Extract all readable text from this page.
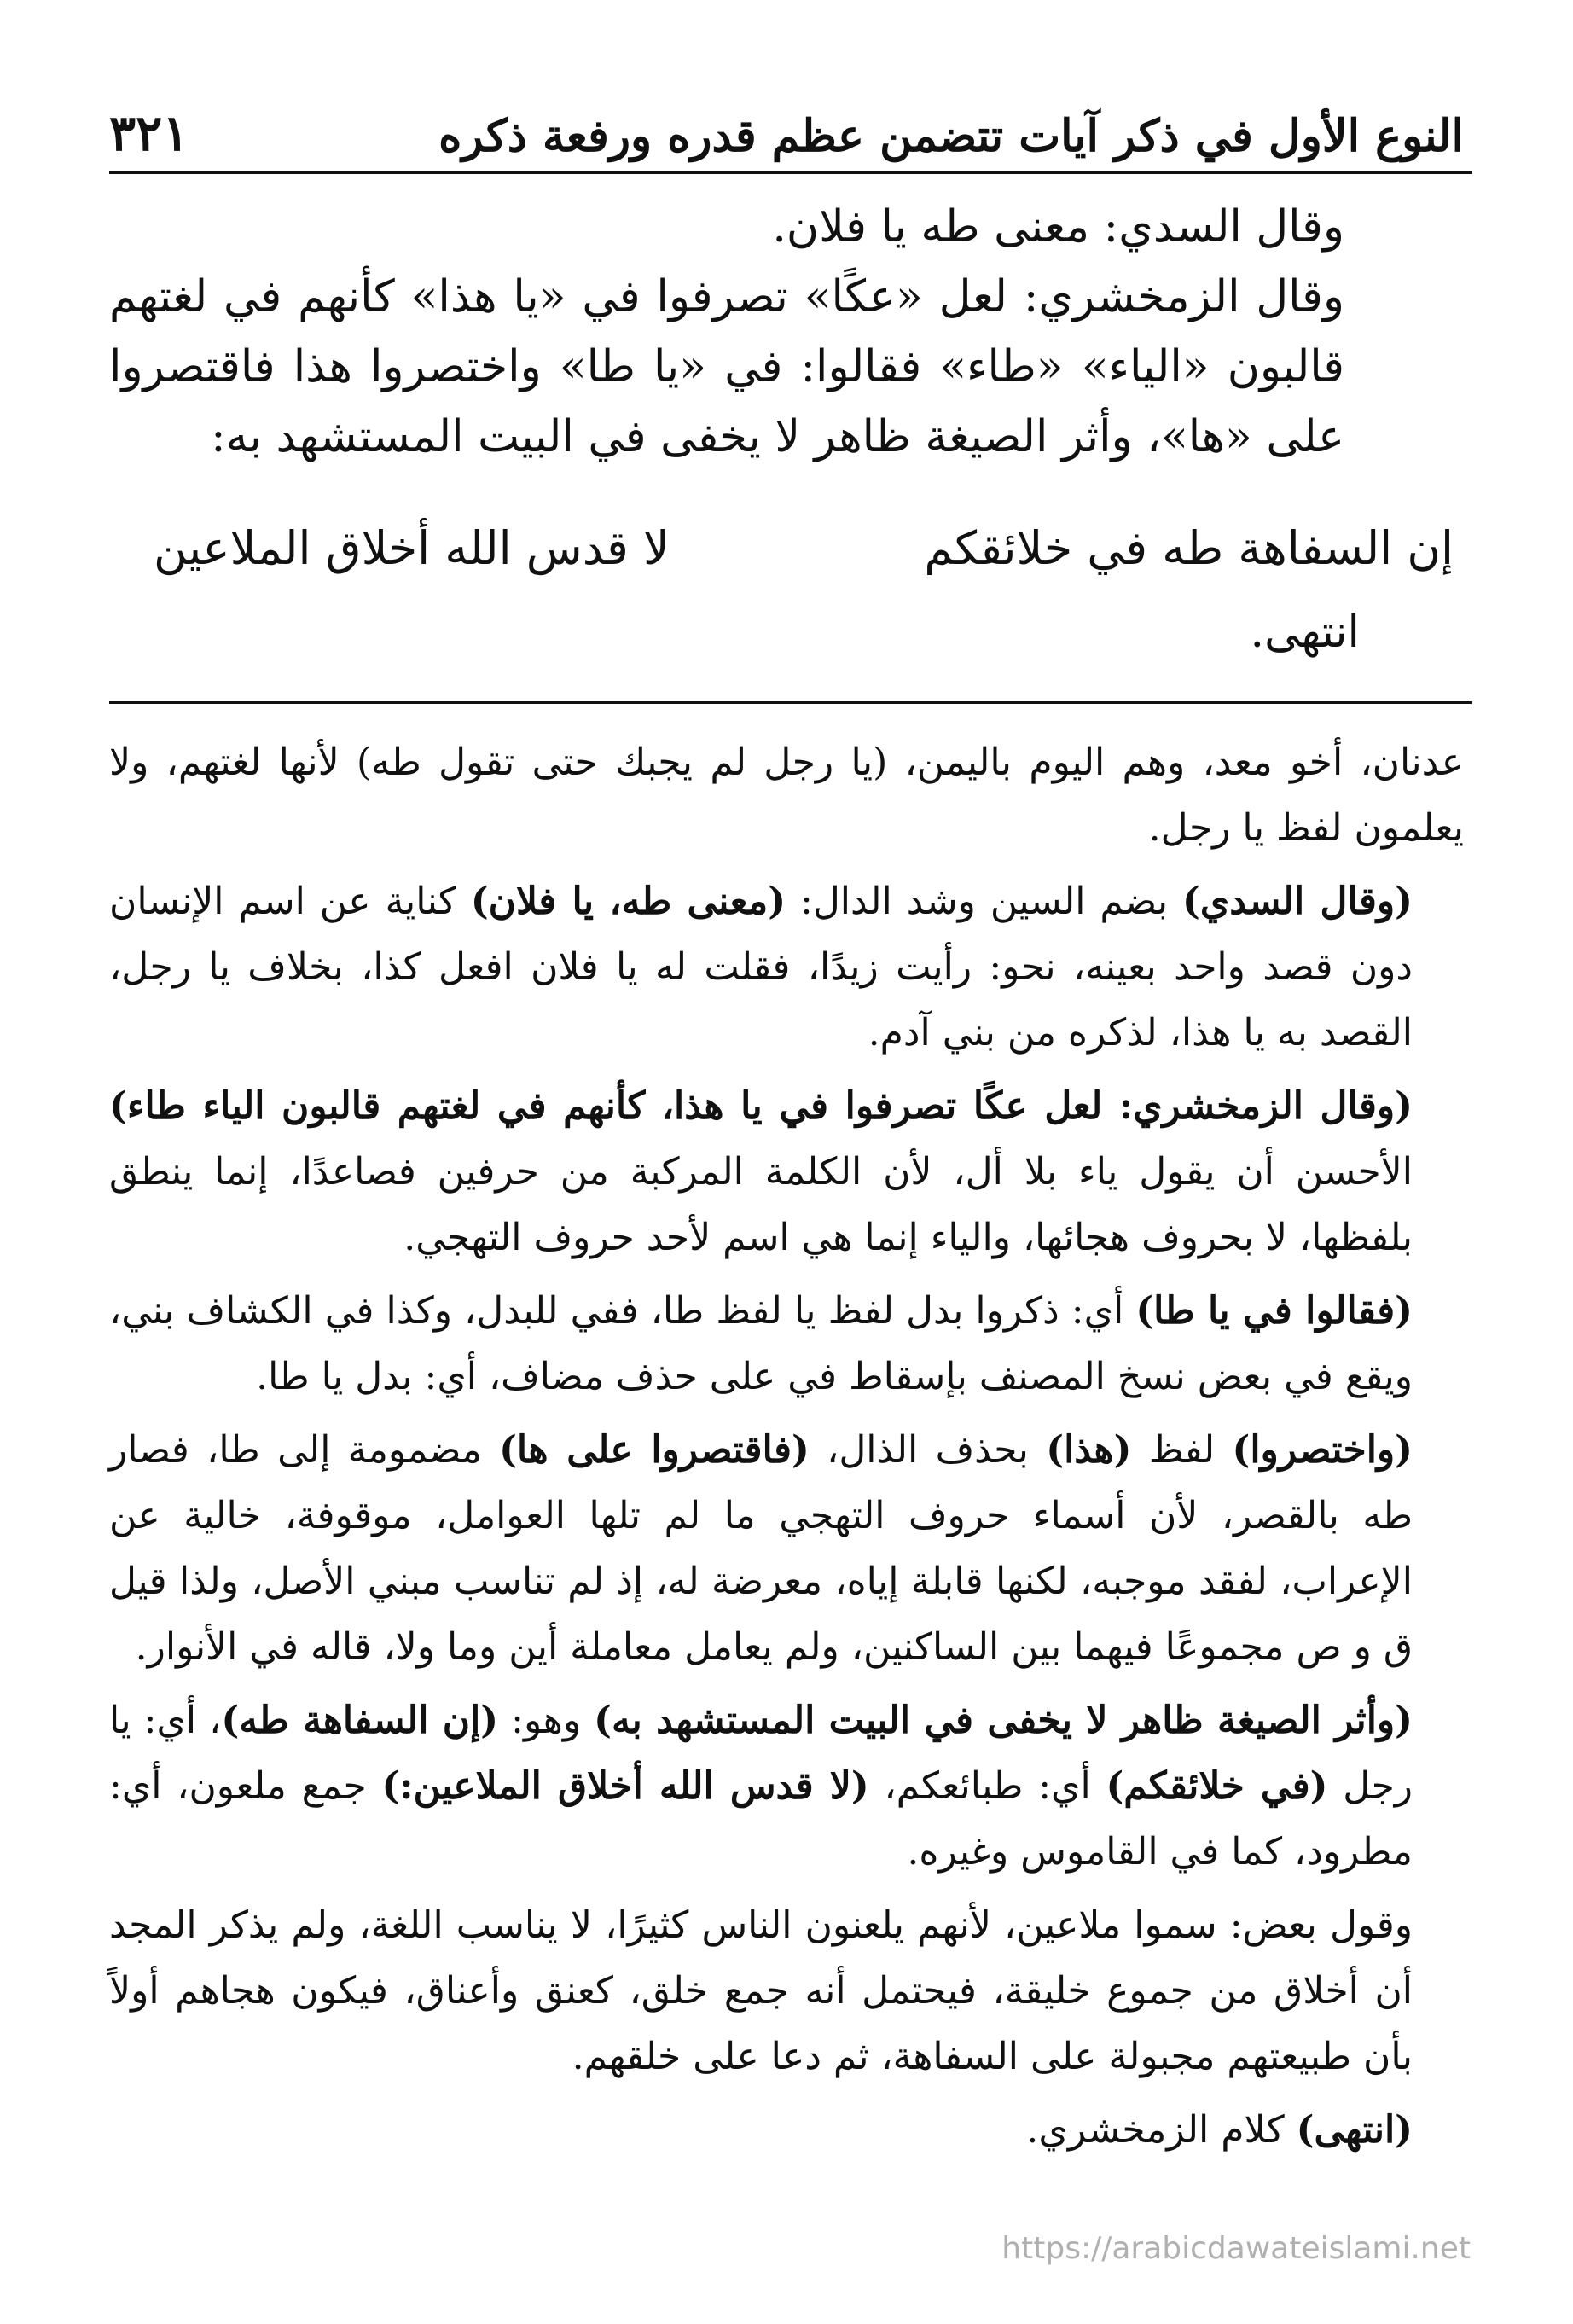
النوع الأول في ذكر آيات تتضمن عظم قدره ورفعة ذكره
٣٢١

وقال السدي: معنى طه يا فلان.

وقال الزمخشري: لعل «عكًا» تصرفوا في «يا هذا» كأنهم في لغتهم قالبون «الياء» «طاء» فقالوا: في «يا طا» واختصروا هذا فاقتصروا على «ها»، وأثر الصيغة ظاهر لا يخفى في البيت المستشهد به:

إن السفاهة طه في خلائقكم
لا قدس الله أخلاق الملاعين
انتهى.

عدنان، أخو معد، وهم اليوم باليمن، (يا رجل لم يجبك حتى تقول طه) لأنها لغتهم، ولا يعلمون لفظ يا رجل.

(وقال السدي) بضم السين وشد الدال: (معنى طه، يا فلان) كناية عن اسم الإنسان دون قصد واحد بعينه، نحو: رأيت زيدًا، فقلت له يا فلان افعل كذا، بخلاف يا رجل، القصد به يا هذا، لذكره من بني آدم.

(وقال الزمخشري: لعل عكًا تصرفوا في يا هذا، كأنهم في لغتهم قالبون الياء طاء) الأحسن أن يقول ياء بلا أل، لأن الكلمة المركبة من حرفين فصاعدًا، إنما ينطق بلفظها، لا بحروف هجائها، والياء إنما هي اسم لأحد حروف التهجي.

(فقالوا في يا طا) أي: ذكروا بدل لفظ يا لفظ طا، ففي للبدل، وكذا في الكشاف بني، ويقع في بعض نسخ المصنف بإسقاط في على حذف مضاف، أي: بدل يا طا.

(واختصروا) لفظ (هذا) بحذف الذال، (فاقتصروا على ها) مضمومة إلى طا، فصار طه بالقصر، لأن أسماء حروف التهجي ما لم تلها العوامل، موقوفة، خالية عن الإعراب، لفقد موجبه، لكنها قابلة إياه، معرضة له، إذ لم تناسب مبني الأصل، ولذا قيل ق و ص مجموعًا فيهما بين الساكنين، ولم يعامل معاملة أين وما ولا، قاله في الأنوار.

(وأثر الصيغة ظاهر لا يخفى في البيت المستشهد به) وهو: (إن السفاهة طه)، أي: يا رجل (في خلائقكم) أي: طبائعكم، (لا قدس الله أخلاق الملاعين:) جمع ملعون، أي: مطرود، كما في القاموس وغيره.

وقول بعض: سموا ملاعين، لأنهم يلعنون الناس كثيرًا، لا يناسب اللغة، ولم يذكر المجد أن أخلاق من جموع خليقة، فيحتمل أنه جمع خلق، كعنق وأعناق، فيكون هجاهم أولاً بأن طبيعتهم مجبولة على السفاهة، ثم دعا على خلقهم.

(انتهى) كلام الزمخشري.

https://arabicdawateislami.net
